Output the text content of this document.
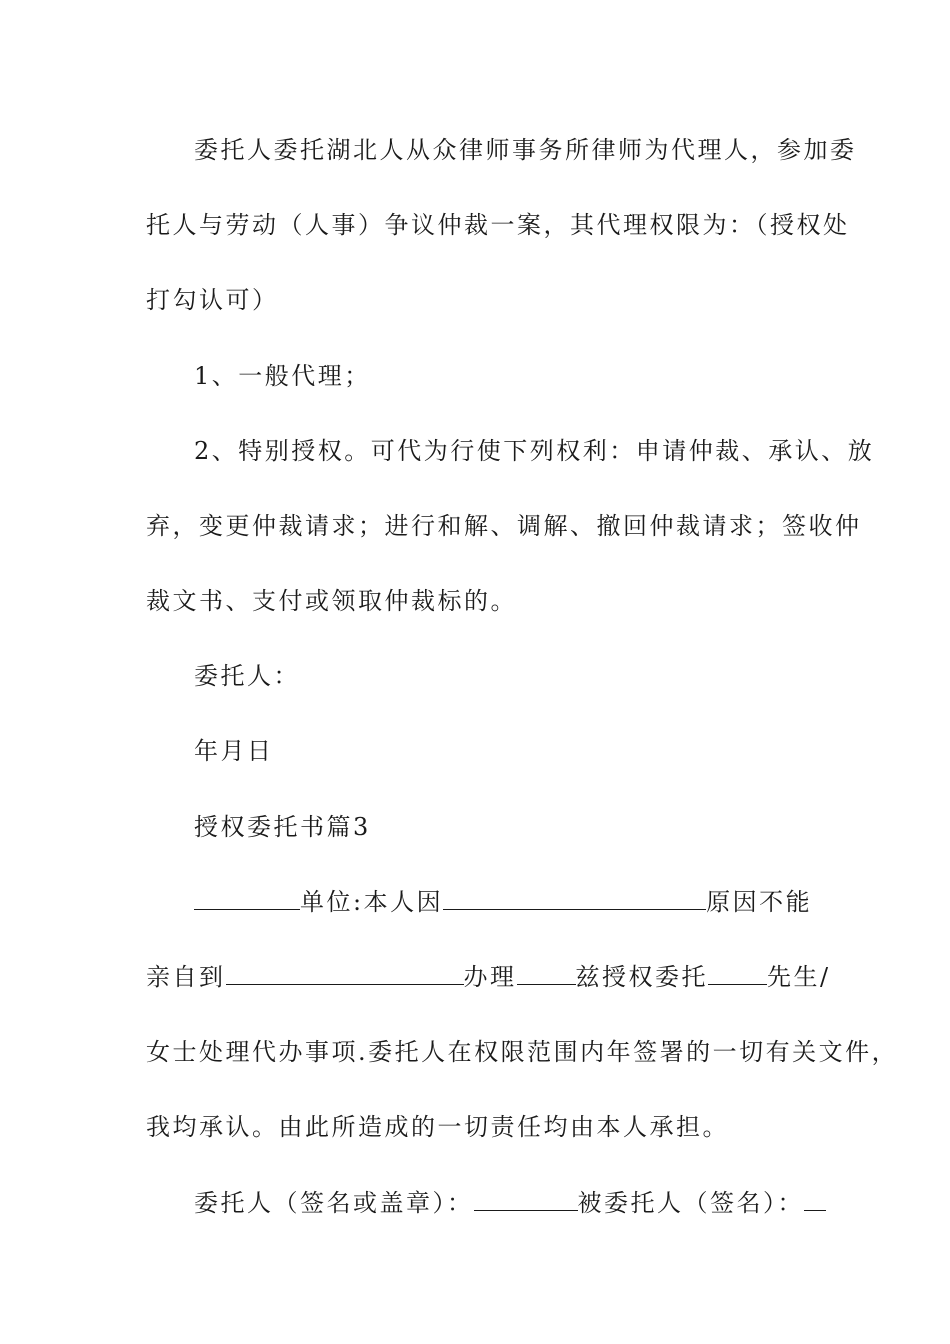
委托人委托湖北人从众律师事务所律师为代理人，参加委

托人与劳动（人事）争议仲裁一案，其代理权限为：（授权处

打勾认可）

1、一般代理；

2、特别授权。可代为行使下列权利：申请仲裁、承认、放

弃，变更仲裁请求；进行和解、调解、撤回仲裁请求；签收仲

裁文书、支付或领取仲裁标的。

委托人：

年月日

授权委托书篇3

单位:本人因	原因不能

亲自到	办理 兹授权委托 先生/

女士处理代办事项.委托人在权限范围内年签署的一切有关文件，

我均承认。由此所造成的一切责任均由本人承担。

委托人（签名或盖章）：	被委托人（签名）：
